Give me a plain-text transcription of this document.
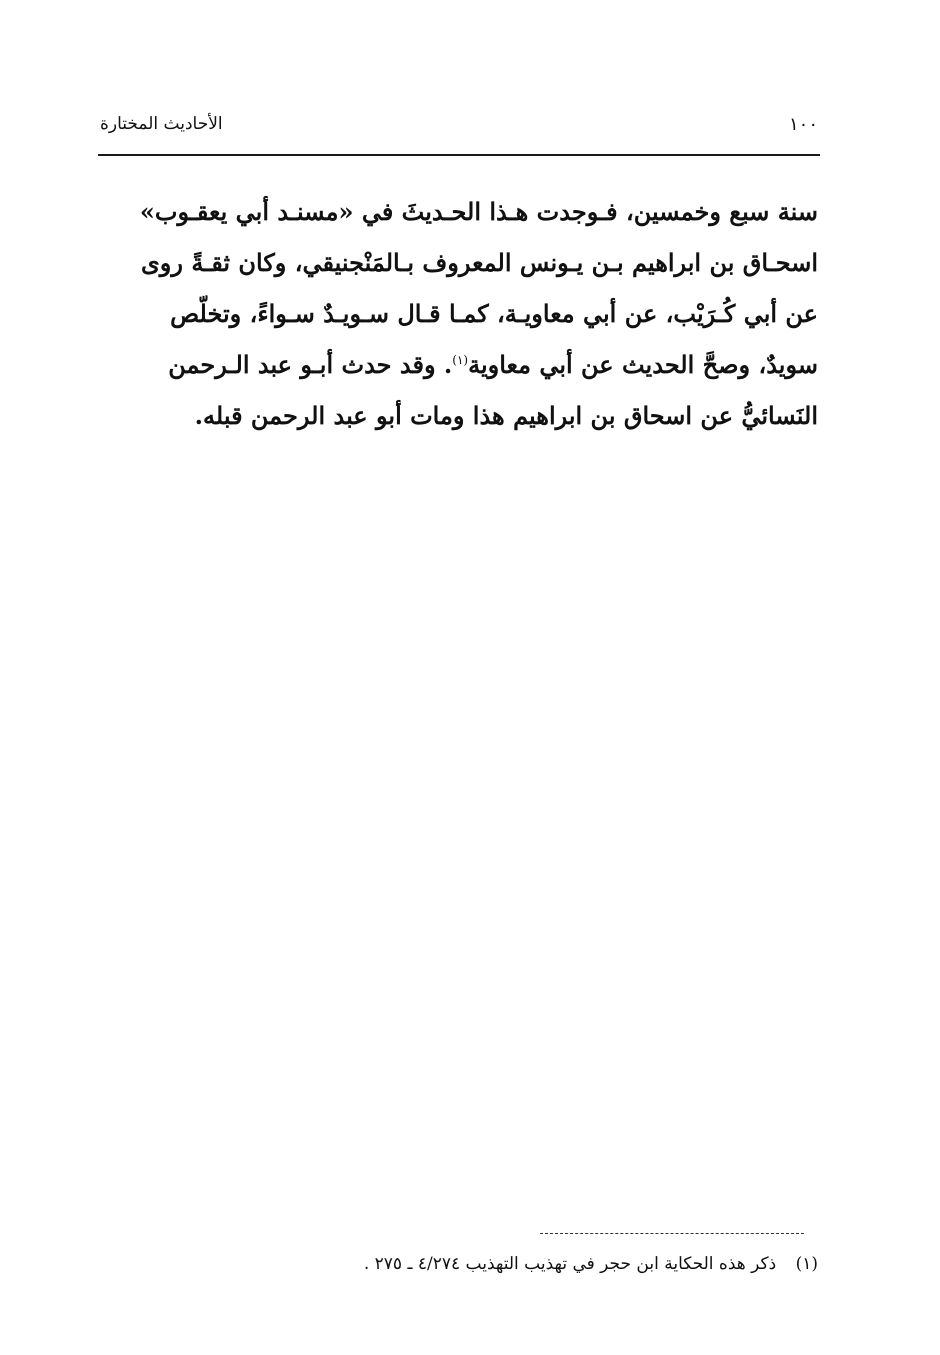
١٠٠
الأحاديث المختارة
سنة سبع وخمسين، فـوجدت هـذا الحـديثَ في «مسنـد أبي يعقـوب»
اسحـاق بن ابراهيم بـن يـونس المعروف بـالمَنْجنيقي، وكان ثقـةً روى
عن أبي كُـرَيْب، عن أبي معاويـة، كمـا قـال سـويـدٌ سـواءً، وتخلّص
سويدٌ، وصحَّ الحديث عن أبي معاوية$^{(١)}$. وقد حدث أبـو عبد الـرحمن
النَسائيُّ عن اسحاق بن ابراهيم هذا ومات أبو عبد الرحمن قبله.
(١) ذكر هذه الحكاية ابن حجر في تهذيب التهذيب ٤/٢٧٤ ـ ٢٧٥ .
